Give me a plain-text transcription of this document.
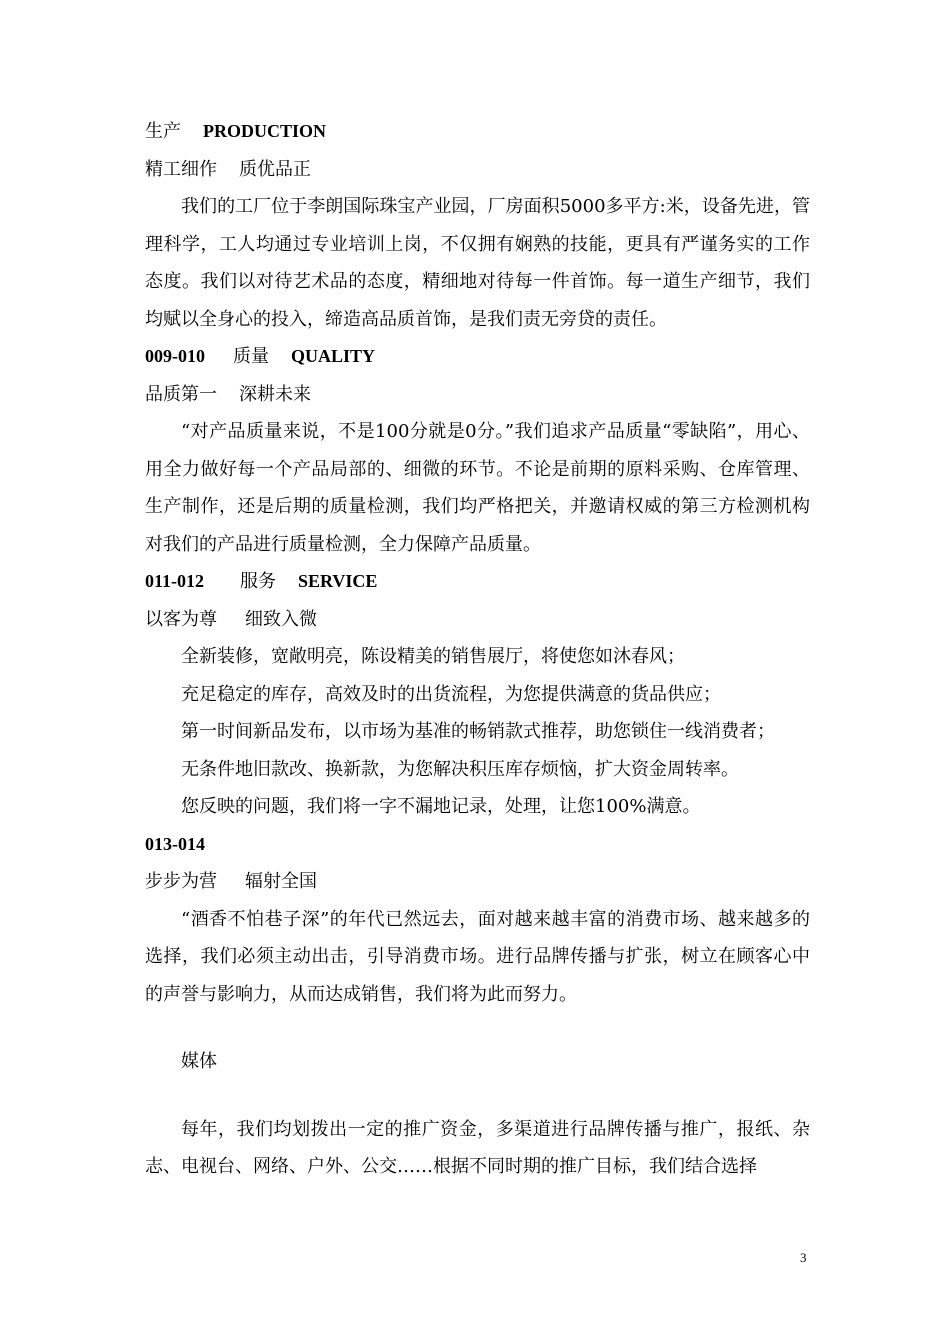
生产 PRODUCTION
精工细作 质优品正

我们的工厂位于李朗国际珠宝产业园，厂房面积5000多平方:米，设备先进，管理科学，工人均通过专业培训上岗，不仅拥有娴熟的技能，更具有严谨务实的工作态度。我们以对待艺术品的态度，精细地对待每一件首饰。每一道生产细节，我们均赋以全身心的投入，缔造高品质首饰，是我们责无旁贷的责任。

009-010 质量 QUALITY
品质第一 深耕未来

“对产品质量来说，不是100分就是0分。”我们追求产品质量“零缺陷”，用心、用全力做好每一个产品局部的、细微的环节。不论是前期的原料采购、仓库管理、生产制作，还是后期的质量检测，我们均严格把关，并邀请权威的第三方检测机构对我们的产品进行质量检测，全力保障产品质量。

011-012 服务 SERVICE
以客为尊 细致入微
全新装修，宽敞明亮，陈设精美的销售展厅，将使您如沐春风；
充足稳定的库存，高效及时的出货流程，为您提供满意的货品供应；
第一时间新品发布，以市场为基准的畅销款式推荐，助您锁住一线消费者；
无条件地旧款改、换新款，为您解决积压库存烦恼，扩大资金周转率。
您反映的问题，我们将一字不漏地记录，处理，让您100%满意。
013-014
步步为营 辐射全国

“酒香不怕巷子深”的年代已然远去，面对越来越丰富的消费市场、越来越多的选择，我们必须主动出击，引导消费市场。进行品牌传播与扩张，树立在顾客心中的声誉与影响力，从而达成销售，我们将为此而努力。

媒体

每年，我们均划拨出一定的推广资金，多渠道进行品牌传播与推广，报纸、杂志、电视台、网络、户外、公交……根据不同时期的推广目标，我们结合选择

3
